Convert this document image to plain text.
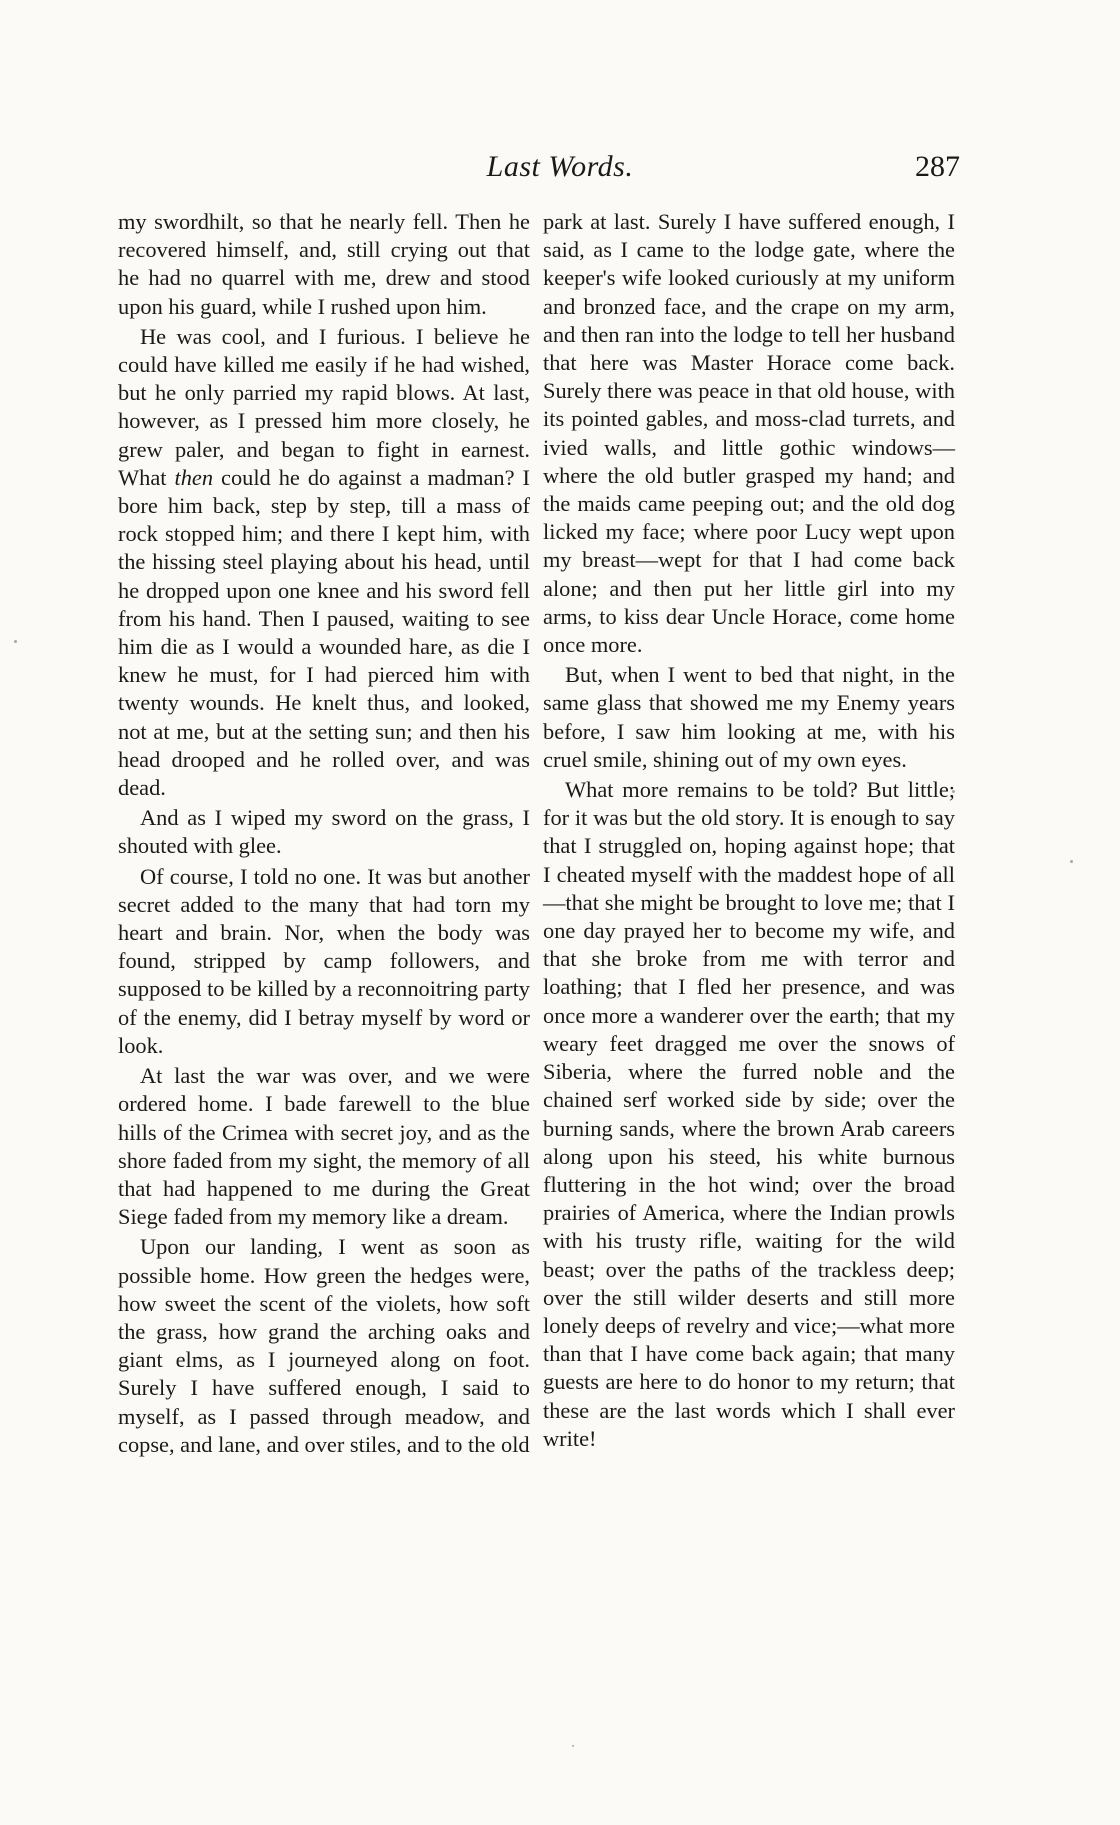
Last Words.	287

my swordhilt, so that he nearly fell. Then he recovered himself, and, still crying out that he had no quarrel with me, drew and stood upon his guard, while I rushed upon him.

He was cool, and I furious. I believe he could have killed me easily if he had wished, but he only parried my rapid blows. At last, however, as I pressed him more closely, he grew paler, and began to fight in earnest. What then could he do against a madman? I bore him back, step by step, till a mass of rock stopped him; and there I kept him, with the hissing steel playing about his head, until he dropped upon one knee and his sword fell from his hand. Then I paused, waiting to see him die as I would a wounded hare, as die I knew he must, for I had pierced him with twenty wounds. He knelt thus, and looked, not at me, but at the setting sun; and then his head drooped and he rolled over, and was dead.

And as I wiped my sword on the grass, I shouted with glee.

Of course, I told no one. It was but another secret added to the many that had torn my heart and brain. Nor, when the body was found, stripped by camp followers, and supposed to be killed by a reconnoitring party of the enemy, did I betray myself by word or look.

At last the war was over, and we were ordered home. I bade farewell to the blue hills of the Crimea with secret joy, and as the shore faded from my sight, the memory of all that had happened to me during the Great Siege faded from my memory like a dream.

Upon our landing, I went as soon as possible home. How green the hedges were, how sweet the scent of the violets, how soft the grass, how grand the arching oaks and giant elms, as I journeyed along on foot. Surely I have suffered enough, I said to myself, as I passed through meadow, and copse, and lane, and over stiles, and to the old

park at last. Surely I have suffered enough, I said, as I came to the lodge gate, where the keeper's wife looked curiously at my uniform and bronzed face, and the crape on my arm, and then ran into the lodge to tell her husband that here was Master Horace come back. Surely there was peace in that old house, with its pointed gables, and moss-clad turrets, and ivied walls, and little gothic windows—where the old butler grasped my hand; and the maids came peeping out; and the old dog licked my face; where poor Lucy wept upon my breast—wept for that I had come back alone; and then put her little girl into my arms, to kiss dear Uncle Horace, come home once more.

But, when I went to bed that night, in the same glass that showed me my Enemy years before, I saw him looking at me, with his cruel smile, shining out of my own eyes.

What more remains to be told? But little; for it was but the old story. It is enough to say that I struggled on, hoping against hope; that I cheated myself with the maddest hope of all—that she might be brought to love me; that I one day prayed her to become my wife, and that she broke from me with terror and loathing; that I fled her presence, and was once more a wanderer over the earth; that my weary feet dragged me over the snows of Siberia, where the furred noble and the chained serf worked side by side; over the burning sands, where the brown Arab careers along upon his steed, his white burnous fluttering in the hot wind; over the broad prairies of America, where the Indian prowls with his trusty rifle, waiting for the wild beast; over the paths of the trackless deep; over the still wilder deserts and still more lonely deeps of revelry and vice;—what more than that I have come back again; that many guests are here to do honor to my return; that these are the last words which I shall ever write!
